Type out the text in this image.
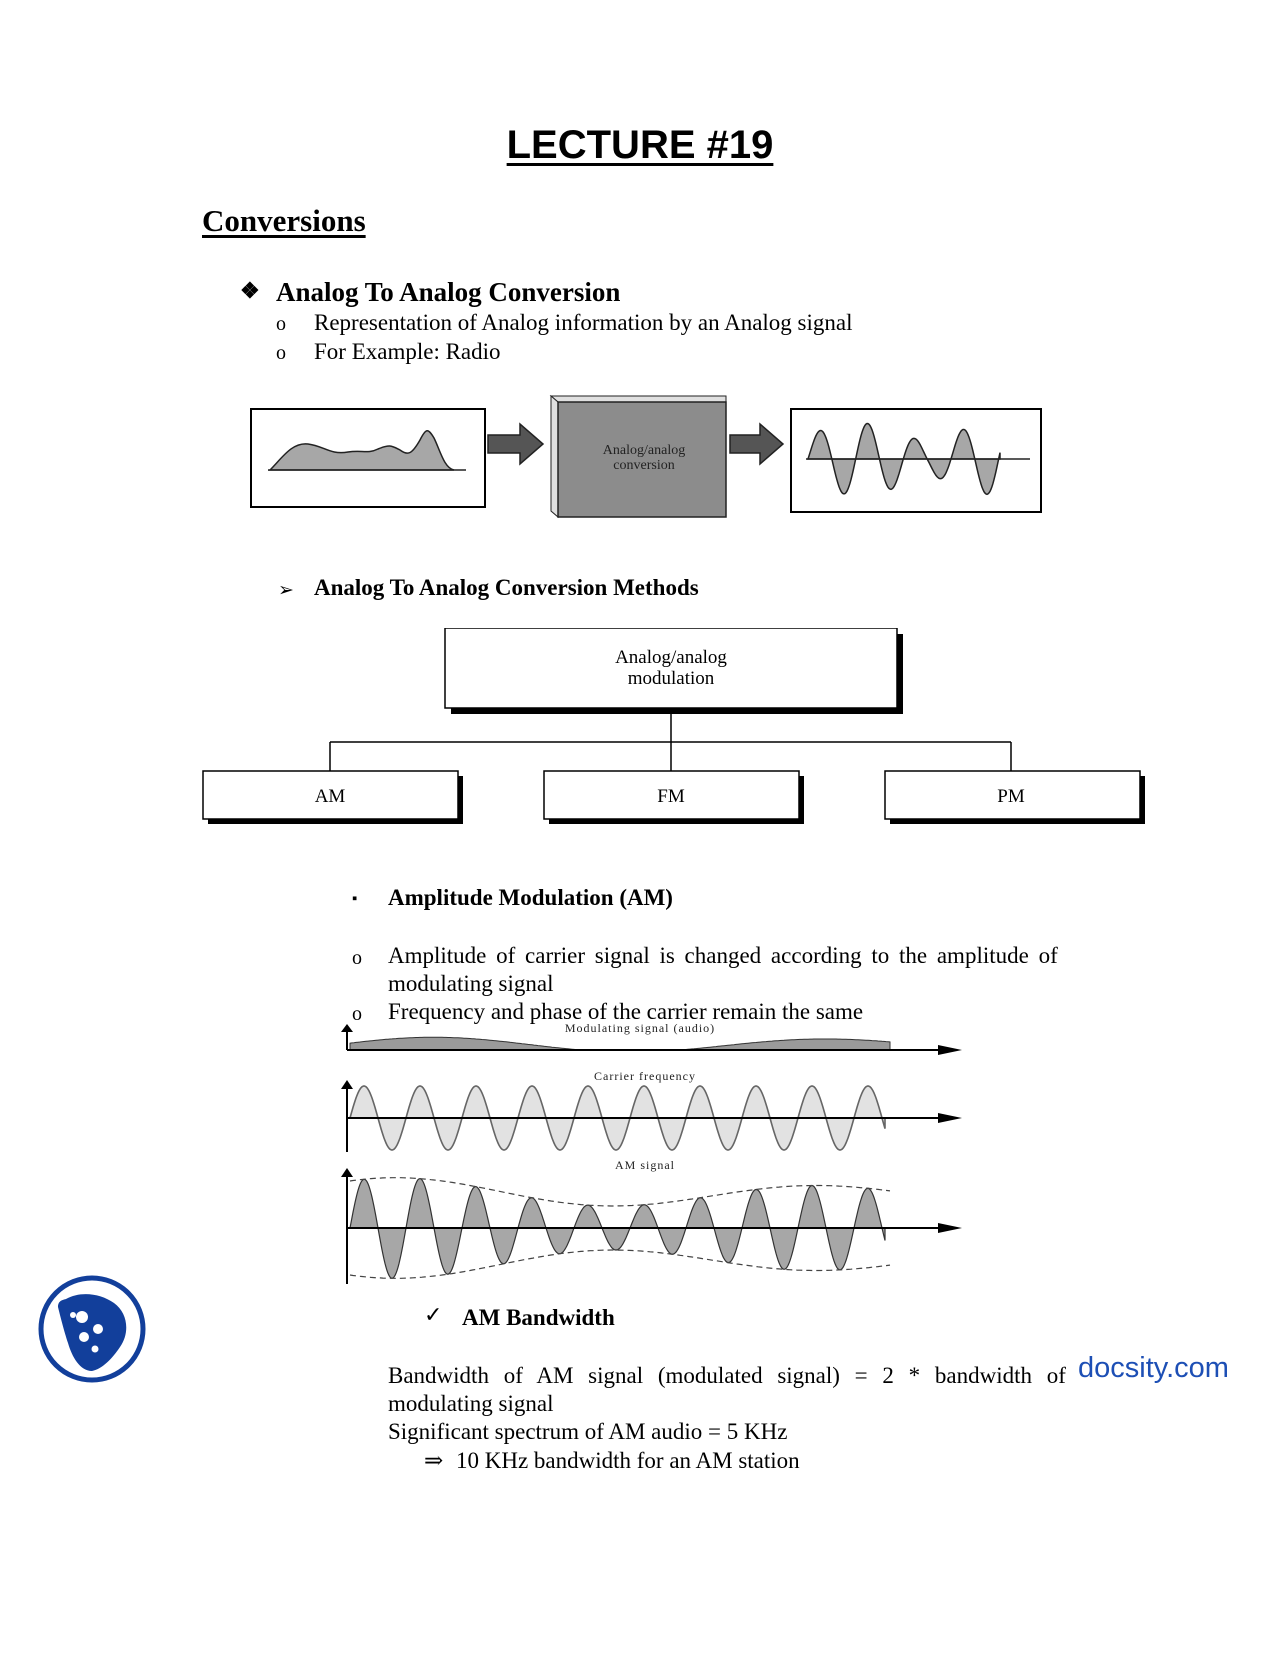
LECTURE #19
Conversions
❖ Analog To Analog Conversion
o Representation of Analog information by an Analog signal
o For Example: Radio
Analog/analog
conversion
➢ Analog To Analog Conversion Methods
Analog/analog
modulation
AM	FM	PM
▪ Amplitude Modulation (AM)
o Amplitude of carrier signal is changed according to the amplitude of
modulating signal
o Frequency and phase of the carrier remain the same
Modulating signal (audio)
Carrier frequency
AM signal
✓ AM Bandwidth
Bandwidth of AM signal (modulated signal) = 2 * bandwidth of
modulating signal
Significant spectrum of AM audio = 5 KHz
⇒ 10 KHz bandwidth for an AM station
docsity.com
